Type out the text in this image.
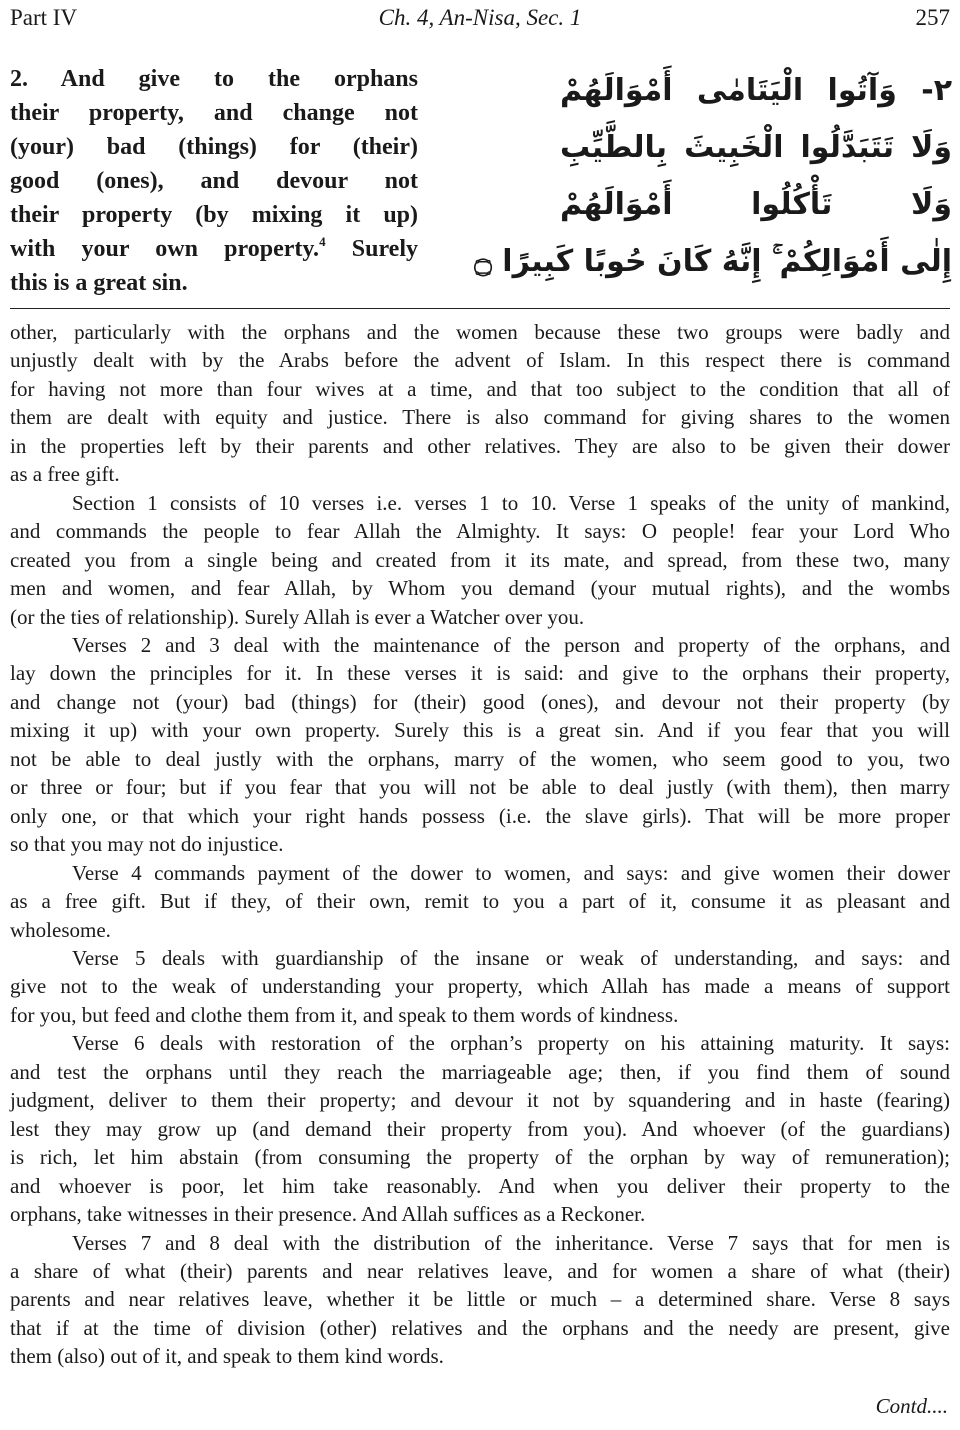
Part IV	Ch. 4, An-Nisa, Sec. 1	257
2. And give to the orphans
their property, and change not
(your) bad (things) for (their)
good (ones), and devour not
their property (by mixing it up)
with your own property.$^4$ Surely
this is a great sin.
٢- وَآتُوا الْيَتَامٰى أَمْوَالَهُمْ
وَلَا تَتَبَدَّلُوا الْخَبِيثَ بِالطَّيِّبِ
وَلَا تَأْكُلُوا أَمْوَالَهُمْ
إِلٰى أَمْوَالِكُمْ ۚ إِنَّهُ كَانَ حُوبًا كَبِيرًا ۝
other, particularly with the orphans and the women because these two groups were badly and
unjustly dealt with by the Arabs before the advent of Islam. In this respect there is command
for having not more than four wives at a time, and that too subject to the condition that all of
them are dealt with equity and justice. There is also command for giving shares to the women
in the properties left by their parents and other relatives. They are also to be given their dower
as a free gift.
Section 1 consists of 10 verses i.e. verses 1 to 10. Verse 1 speaks of the unity of mankind,
and commands the people to fear Allah the Almighty. It says: O people! fear your Lord Who
created you from a single being and created from it its mate, and spread, from these two, many
men and women, and fear Allah, by Whom you demand (your mutual rights), and the wombs
(or the ties of relationship). Surely Allah is ever a Watcher over you.
Verses 2 and 3 deal with the maintenance of the person and property of the orphans, and
lay down the principles for it. In these verses it is said: and give to the orphans their property,
and change not (your) bad (things) for (their) good (ones), and devour not their property (by
mixing it up) with your own property. Surely this is a great sin. And if you fear that you will
not be able to deal justly with the orphans, marry of the women, who seem good to you, two
or three or four; but if you fear that you will not be able to deal justly (with them), then marry
only one, or that which your right hands possess (i.e. the slave girls). That will be more proper
so that you may not do injustice.
Verse 4 commands payment of the dower to women, and says: and give women their dower
as a free gift. But if they, of their own, remit to you a part of it, consume it as pleasant and
wholesome.
Verse 5 deals with guardianship of the insane or weak of understanding, and says: and
give not to the weak of understanding your property, which Allah has made a means of support
for you, but feed and clothe them from it, and speak to them words of kindness.
Verse 6 deals with restoration of the orphan’s property on his attaining maturity. It says:
and test the orphans until they reach the marriageable age; then, if you find them of sound
judgment, deliver to them their property; and devour it not by squandering and in haste (fearing)
lest they may grow up (and demand their property from you). And whoever (of the guardians)
is rich, let him abstain (from consuming the property of the orphan by way of remuneration);
and whoever is poor, let him take reasonably. And when you deliver their property to the
orphans, take witnesses in their presence. And Allah suffices as a Reckoner.
Verses 7 and 8 deal with the distribution of the inheritance. Verse 7 says that for men is
a share of what (their) parents and near relatives leave, and for women a share of what (their)
parents and near relatives leave, whether it be little or much – a determined share. Verse 8 says
that if at the time of division (other) relatives and the orphans and the needy are present, give
them (also) out of it, and speak to them kind words.
Contd....
